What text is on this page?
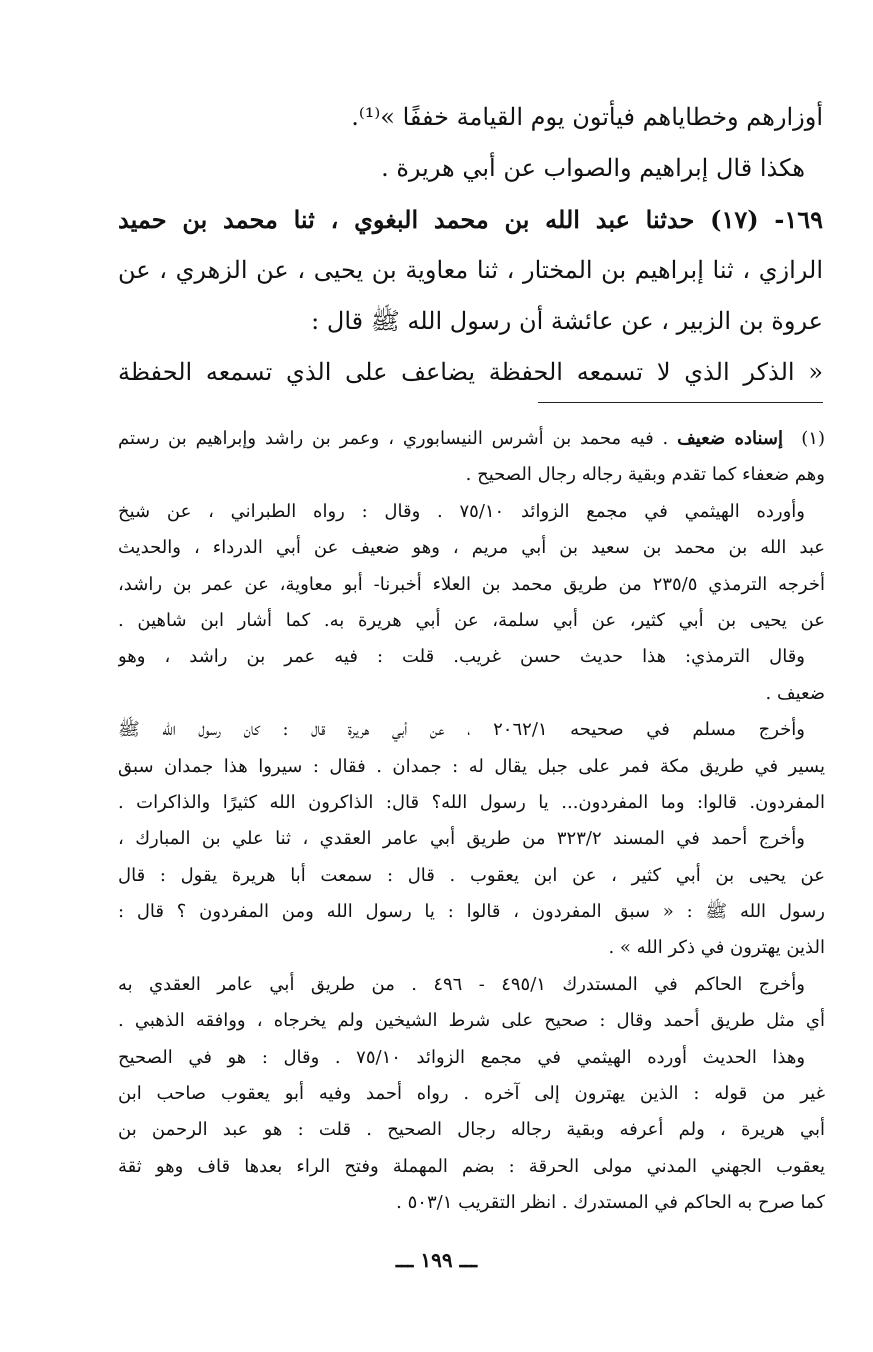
أوزارهم وخطاياهم فيأتون يوم القيامة خففًا »⁽¹⁾.
هكذا قال إبراهيم والصواب عن أبي هريرة .
١٦٩- (١٧) حدثنا عبد الله بن محمد البغوي ، ثنا محمد بن حميد
الرازي ، ثنا إبراهيم بن المختار ، ثنا معاوية بن يحيى ، عن الزهري ، عن
عروة بن الزبير ، عن عائشة أن رسول الله ﷺ قال :
« الذكر الذي لا تسمعه الحفظة يضاعف على الذي تسمعه الحفظة
(١)
إسناده ضعيف . فيه محمد بن أشرس النيسابوري ، وعمر بن راشد وإبراهيم بن رستم
وهم ضعفاء كما تقدم وبقية رجاله رجال الصحيح .
وأورده الهيثمي في مجمع الزوائد ٧٥/١٠ . وقال : رواه الطبراني ، عن شيخ
عبد الله بن محمد بن سعيد بن أبي مريم ، وهو ضعيف عن أبي الدرداء ، والحديث
أخرجه الترمذي ٢٣٥/٥ من طريق محمد بن العلاء أخبرنا- أبو معاوية، عن عمر بن راشد،
عن يحيى بن أبي كثير، عن أبي سلمة، عن أبي هريرة به. كما أشار ابن شاهين .
وقال الترمذي: هذا حديث حسن غريب. قلت : فيه عمر بن راشد ، وهو
ضعيف .
وأخرج مسلم في صحيحه ٢٠٦٢/١ ، عن أبي هريرة قال : كان رسول الله ﷺ
يسير في طريق مكة فمر على جبل يقال له : جمدان . فقال : سيروا هذا جمدان سبق
المفردون. قالوا: وما المفردون... يا رسول الله؟ قال: الذاكرون الله كثيرًا والذاكرات .
وأخرج أحمد في المسند ٣٢٣/٢ من طريق أبي عامر العقدي ، ثنا علي بن المبارك ،
عن يحيى بن أبي كثير ، عن ابن يعقوب . قال : سمعت أبا هريرة يقول : قال
رسول الله ﷺ : « سبق المفردون ، قالوا : يا رسول الله ومن المفردون ؟ قال :
الذين يهترون في ذكر الله » .
وأخرج الحاكم في المستدرك ٤٩٥/١ - ٤٩٦ . من طريق أبي عامر العقدي به
أي مثل طريق أحمد وقال : صحيح على شرط الشيخين ولم يخرجاه ، ووافقه الذهبي .
وهذا الحديث أورده الهيثمي في مجمع الزوائد ٧٥/١٠ . وقال : هو في الصحيح
غير من قوله : الذين يهترون إلى آخره . رواه أحمد وفيه أبو يعقوب صاحب ابن
أبي هريرة ، ولم أعرفه وبقية رجاله رجال الصحيح . قلت : هو عبد الرحمن بن
يعقوب الجهني المدني مولى الحرقة : بضم المهملة وفتح الراء بعدها قاف وهو ثقة
كما صرح به الحاكم في المستدرك . انظر التقريب ٥٠٣/١ .
ـــ ١٩٩ ـــ
